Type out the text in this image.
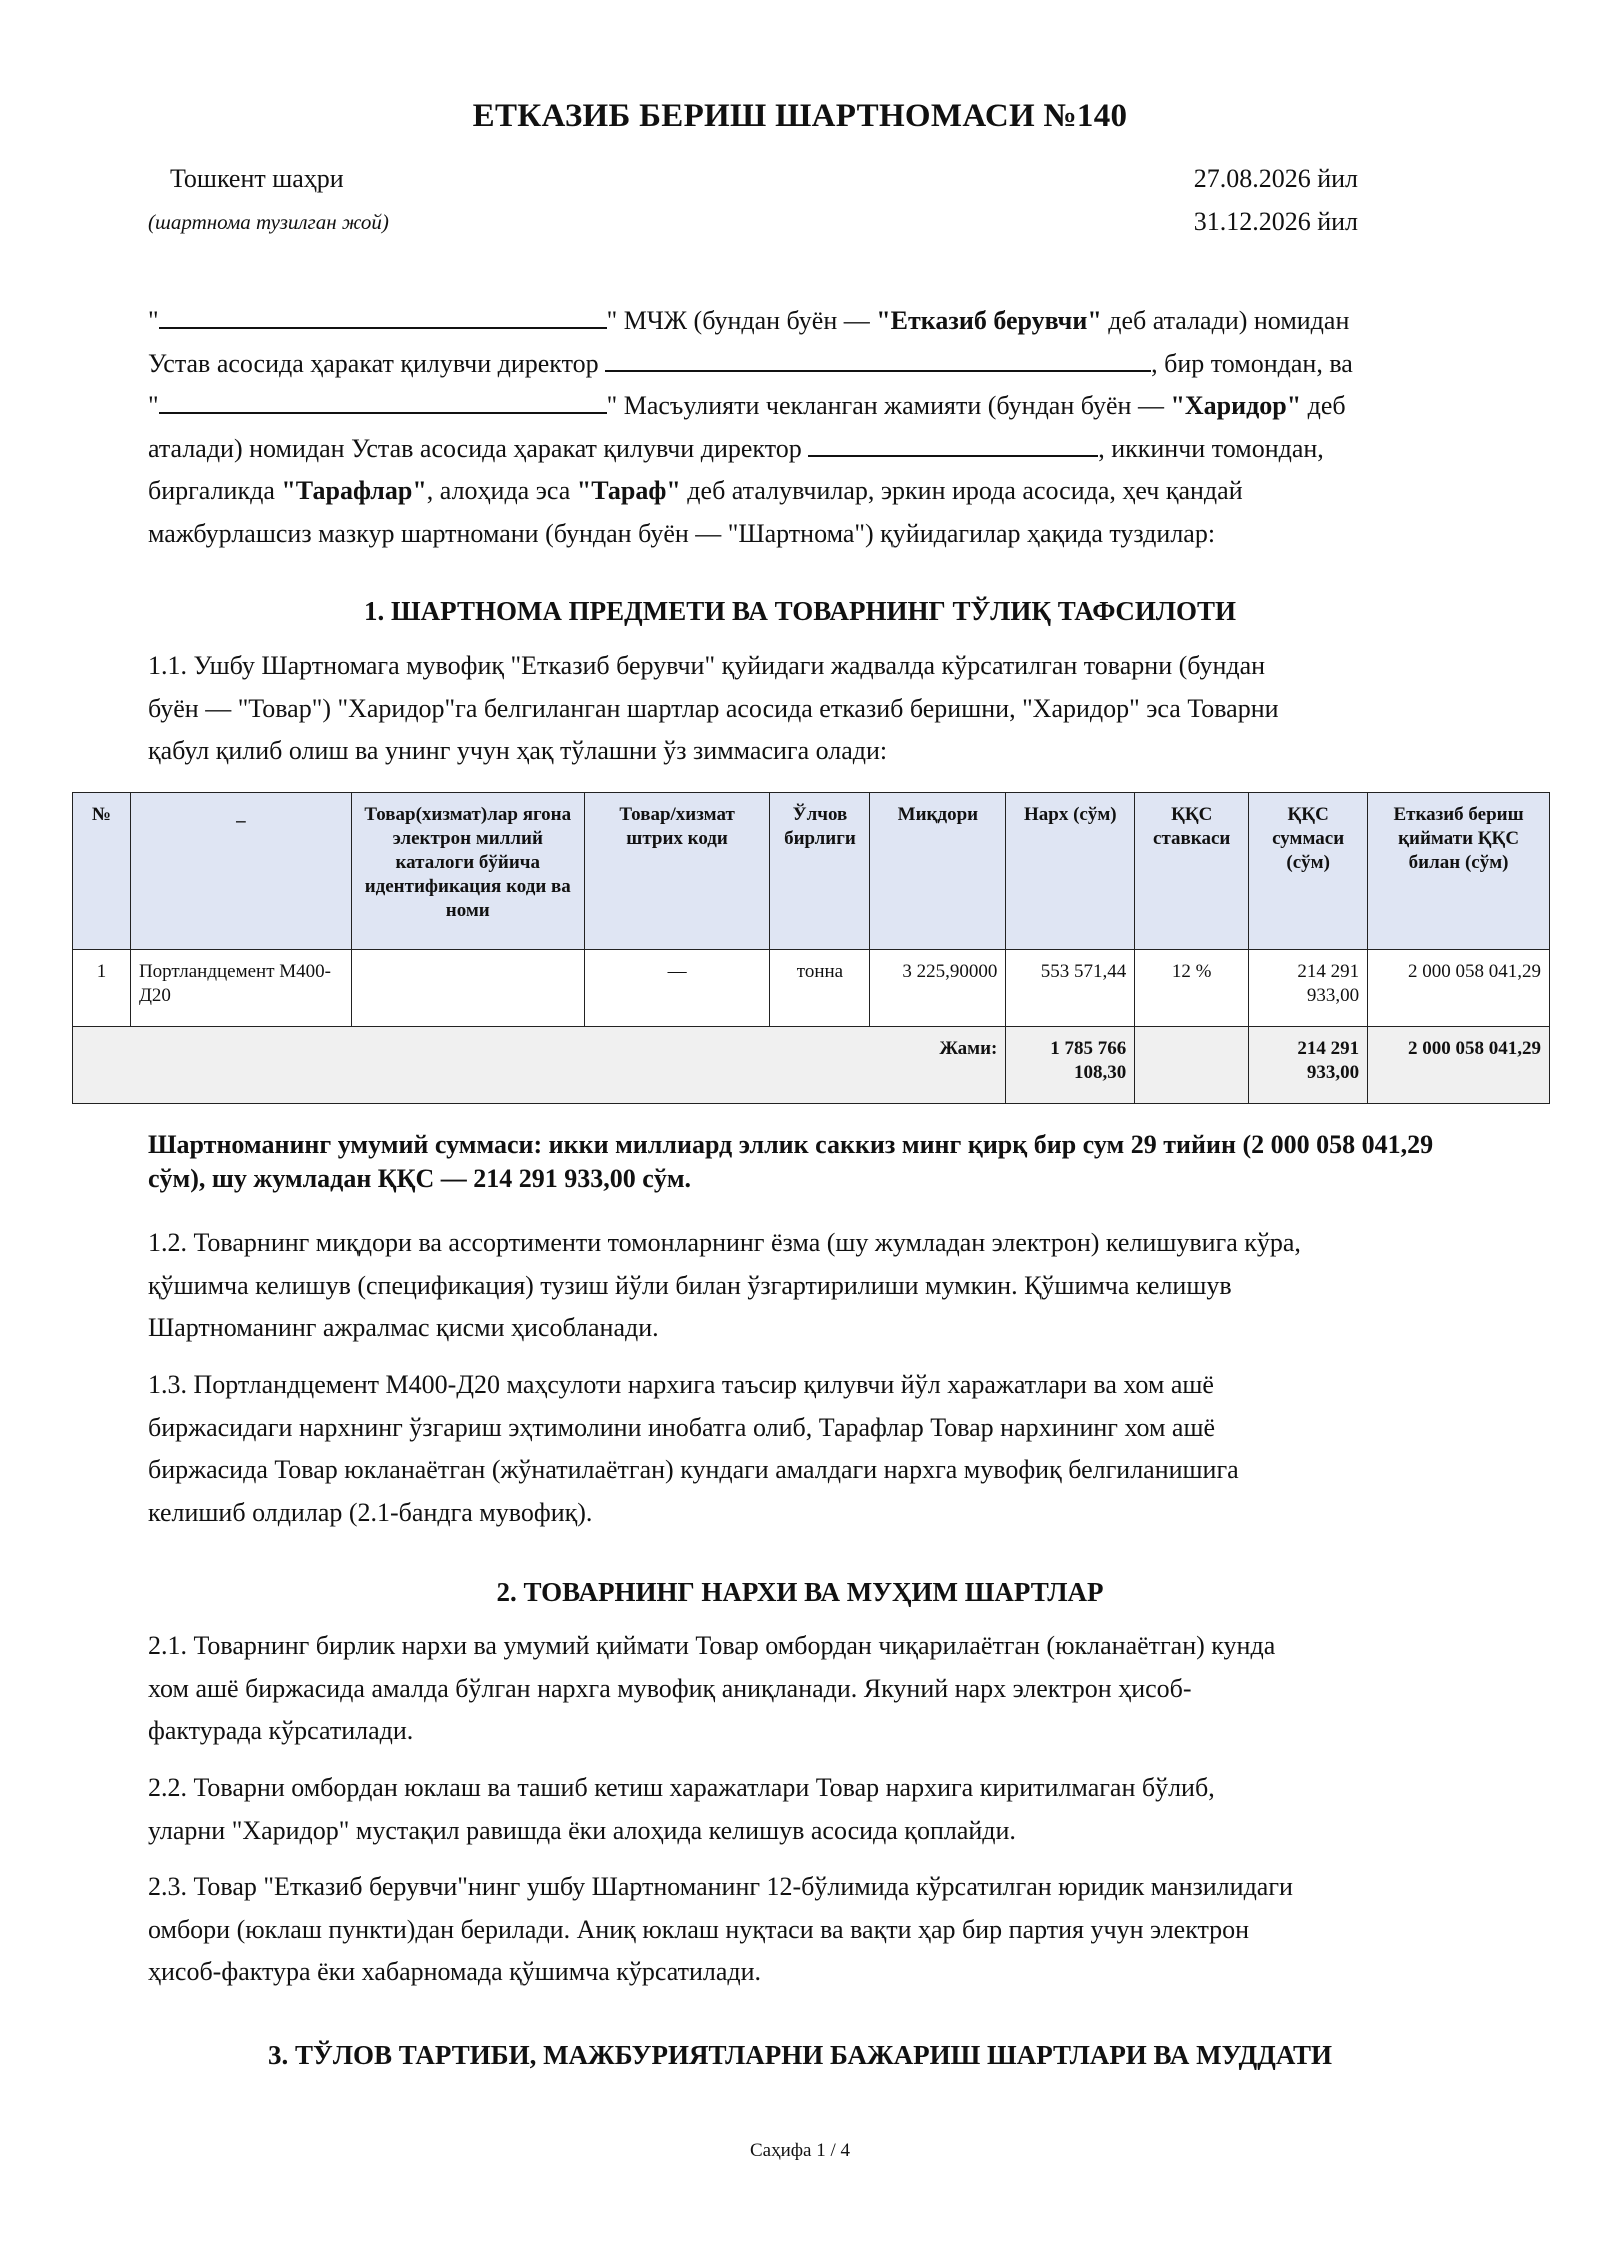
ЕТКАЗИБ БЕРИШ ШАРТНОМАСИ №140
Тошкент шаҳри
(шартнома тузилган жой)
27.08.2026 йил
31.12.2026 йил
"	" МЧЖ (бундан буён — "Етказиб берувчи" деб аталади) номидан
Устав асосида ҳаракат қилувчи директор	, бир томондан, ва
"	" Масъулияти чекланган жамияти (бундан буён — "Харидор" деб
аталади) номидан Устав асосида ҳаракат қилувчи директор	, иккинчи томондан,
биргаликда "Тарафлар", алоҳида эса "Тараф" деб аталувчилар, эркин ирода асосида, ҳеч қандай
мажбурлашсиз мазкур шартномани (бундан буён — "Шартнома") қуйидагилар ҳақида туздилар:
1. ШАРТНОМА ПРЕДМЕТИ ВА ТОВАРНИНГ ТЎЛИҚ ТАФСИЛОТИ
1.1. Ушбу Шартномага мувофиқ "Етказиб берувчи" қуйидаги жадвалда кўрсатилган товарни (бундан
буён — "Товар") "Харидор"га белгиланган шартлар асосида етказиб беришни, "Харидор" эса Товарни
қабул қилиб олиш ва унинг учун ҳақ тўлашни ўз зиммасига олади:
№	_	Товар(хизмат)лар ягона электрон миллий каталоги бўйича идентификация коди ва номи	Товар/хизмат штрих коди	Ўлчов бирлиги	Миқдори	Нарх (сўм)	ҚҚС ставкаси	ҚҚС суммаси (сўм)	Етказиб бериш қиймати ҚҚС билан (сўм)
1	Портландцемент М400-Д20		—	тонна	3 225,90000	553 571,44	12 %	214 291 933,00	2 000 058 041,29
Жами:						1 785 766 108,30		214 291 933,00	2 000 058 041,29
Шартноманинг умумий суммаси: икки миллиард эллик саккиз минг қирқ бир сум 29 тийин (2 000 058 041,29 сўм), шу жумладан ҚҚС — 214 291 933,00 сўм.
1.2. Товарнинг миқдори ва ассортименти томонларнинг ёзма (шу жумладан электрон) келишувига кўра,
қўшимча келишув (спецификация) тузиш йўли билан ўзгартирилиши мумкин. Қўшимча келишув
Шартноманинг ажралмас қисми ҳисобланади.
1.3. Портландцемент М400-Д20 маҳсулоти нархига таъсир қилувчи йўл харажатлари ва хом ашё
биржасидаги нархнинг ўзгариш эҳтимолини инобатга олиб, Тарафлар Товар нархининг хом ашё
биржасида Товар юкланаётган (жўнатилаётган) кундаги амалдаги нархга мувофиқ белгиланишига
келишиб олдилар (2.1-бандга мувофиқ).
2. ТОВАРНИНГ НАРХИ ВА МУҲИМ ШАРТЛАР
2.1. Товарнинг бирлик нархи ва умумий қиймати Товар омбордан чиқарилаётган (юкланаётган) кунда
хом ашё биржасида амалда бўлган нархга мувофиқ аниқланади. Якуний нарх электрон ҳисоб-
фактурада кўрсатилади.
2.2. Товарни омбордан юклаш ва ташиб кетиш харажатлари Товар нархига киритилмаган бўлиб,
уларни "Харидор" мустақил равишда ёки алоҳида келишув асосида қоплайди.
2.3. Товар "Етказиб берувчи"нинг ушбу Шартноманинг 12-бўлимида кўрсатилган юридик манзилидаги
омбори (юклаш пункти)дан берилади. Аниқ юклаш нуқтаси ва вақти ҳар бир партия учун электрон
ҳисоб-фактура ёки хабарномада қўшимча кўрсатилади.
3. ТЎЛОВ ТАРТИБИ, МАЖБУРИЯТЛАРНИ БАЖАРИШ ШАРТЛАРИ ВА МУДДАТИ
Саҳифа 1 / 4
